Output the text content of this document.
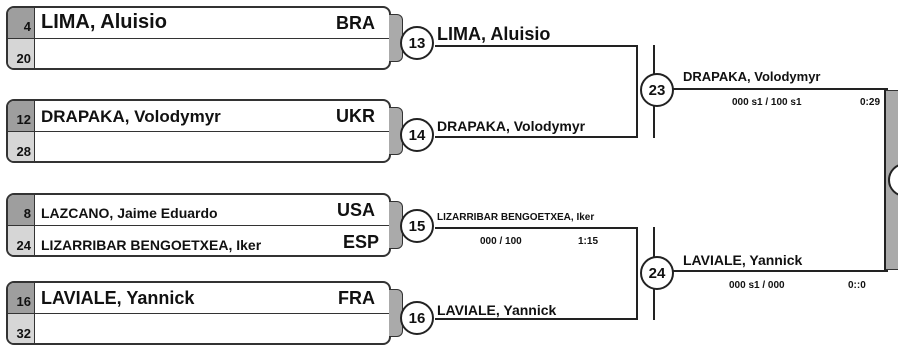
4 LIMA, Aluisio	BRA
20
12 DRAPAKA, Volodymyr	UKR
28
8 LAZCANO, Jaime Eduardo	USA
24 LIZARRIBAR BENGOETXEA, Iker	ESP
16 LAVIALE, Yannick	FRA
32
13 LIMA, Aluisio
14
DRAPAKA, Volodymyr
15	LIZARRIBAR BENGOETXEA, Iker
000 / 100	1:15
16 LAVIALE, Yannick
23
DRAPAKA, Volodymyr
000 s1 / 100 s1	0:29
24
LAVIALE, Yannick
000 s1 / 000	0::0
